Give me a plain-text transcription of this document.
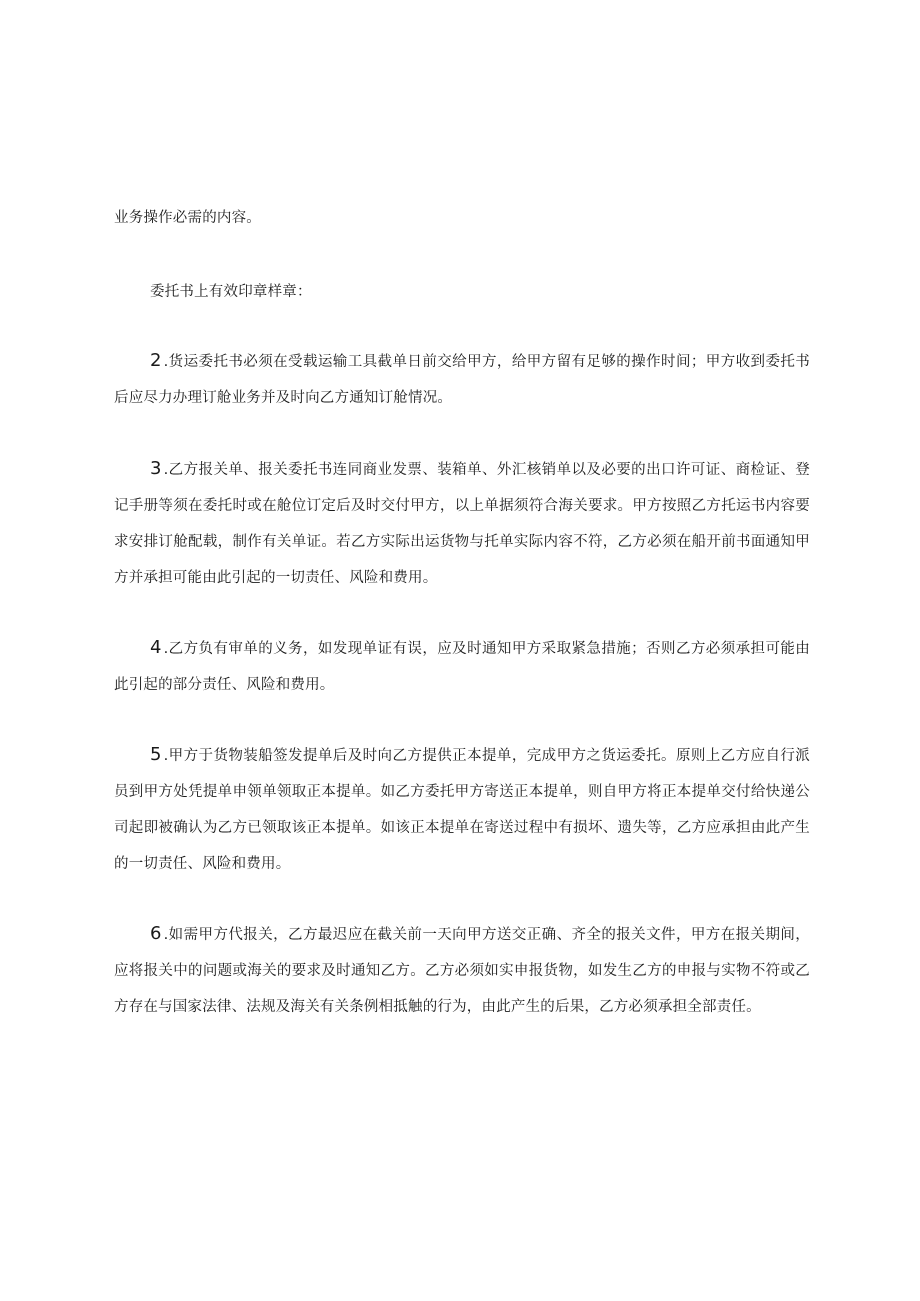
业务操作必需的内容。
委托书上有效印章样章：
2 .货运委托书必须在受载运输工具截单日前交给甲方，给甲方留有足够的操作时间；甲方收到委托书后应尽力办理订舱业务并及时向乙方通知订舱情况。
3 .乙方报关单、报关委托书连同商业发票、装箱单、外汇核销单以及必要的出口许可证、商检证、登记手册等须在委托时或在舱位订定后及时交付甲方，以上单据须符合海关要求。甲方按照乙方托运书内容要求安排订舱配载，制作有关单证。若乙方实际出运货物与托单实际内容不符，乙方必须在船开前书面通知甲方并承担可能由此引起的一切责任、风险和费用。
4 .乙方负有审单的义务，如发现单证有误，应及时通知甲方采取紧急措施；否则乙方必须承担可能由此引起的部分责任、风险和费用。
5 .甲方于货物装船签发提单后及时向乙方提供正本提单，完成甲方之货运委托。原则上乙方应自行派员到甲方处凭提单申领单领取正本提单。如乙方委托甲方寄送正本提单，则自甲方将正本提单交付给快递公司起即被确认为乙方已领取该正本提单。如该正本提单在寄送过程中有损坏、遗失等，乙方应承担由此产生的一切责任、风险和费用。
6 .如需甲方代报关，乙方最迟应在截关前一天向甲方送交正确、齐全的报关文件，甲方在报关期间，应将报关中的问题或海关的要求及时通知乙方。乙方必须如实申报货物，如发生乙方的申报与实物不符或乙方存在与国家法律、法规及海关有关条例相抵触的行为，由此产生的后果，乙方必须承担全部责任。
